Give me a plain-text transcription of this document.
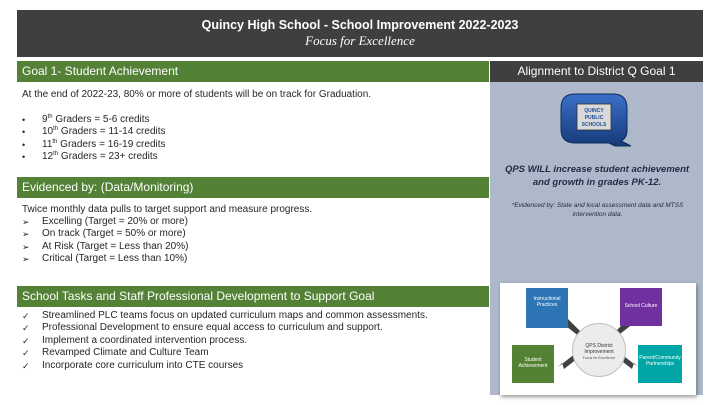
Quincy High School - School Improvement 2022-2023
Focus for Excellence
Goal 1- Student Achievement
At the end of 2022-23, 80% or more of students will be on track for Graduation.
•	9th Graders = 5-6 credits
•	10th Graders = 11-14 credits
•	11th Graders = 16-19 credits
•	12th Graders = 23+ credits
Evidenced by: (Data/Monitoring)
Twice monthly data pulls to target support and measure progress.
➢	Excelling (Target = 20% or more)
➢	On track (Target = 50% or more)
➢	At Risk (Target = Less than 20%)
➢	Critical (Target = Less than 10%)
School Tasks and Staff Professional Development to Support Goal
✓	Streamlined PLC teams focus on updated curriculum maps and common assessments.
✓	Professional Development to ensure equal access to curriculum and support.
✓	Implement a coordinated intervention process.
✓	Revamped Climate and Culture Team
✓	Incorporate core curriculum into CTE courses
Alignment to District Q Goal 1
QUINCY
PUBLIC
SCHOOLS
QPS WILL increase student achievement and growth in grades PK-12.
*Evidenced by: State and local assessment data and MTSS intervention data.
Instructional Practices	School Culture
Student Achievement
Parent/Community Partnerships
QPS District Improvement
Focus for Excellence
